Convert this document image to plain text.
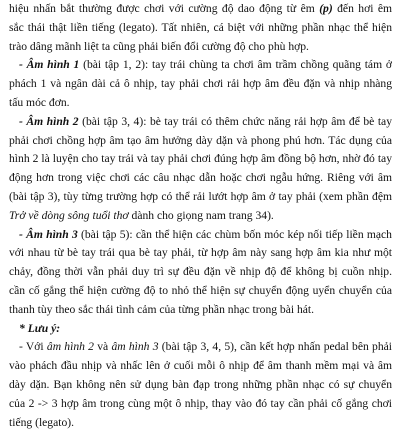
hiệu nhấn bắt thường được chơi với cường độ dao động từ êm (p) đến hơi êm
sắc thái thật liền tiếng (legato). Tất nhiên, cá biệt với những phần nhạc thể hiện
trào dâng mãnh liệt ta cũng phải biến đổi cường độ cho phù hợp.

- Âm hình 1 (bài tập 1, 2): tay trái chùng ta chơi âm trầm chồng quãng tám ở
phách 1 và ngân dài cả ô nhịp, tay phải chơi rải hợp âm đều đặn và nhịp nhàng
tấu móc đơn.

- Âm hình 2 (bài tập 3, 4): bè tay trái có thêm chức năng rải hợp âm để bè tay
phải chơi chồng hợp âm tạo âm hưởng dày dặn và phong phú hơn. Tác dụng của
hình 2 là luyện cho tay trái và tay phải chơi đúng hợp âm đồng bộ hơn, nhờ đó tay
động hơn trong việc chơi các câu nhạc dẫn hoặc chơi ngẫu hứng. Riêng với âm
(bài tập 3), tùy từng trường hợp có thể rải lướt hợp âm ở tay phải (xem phần đệm
Trở về dòng sông tuổi thơ dành cho giọng nam trang 34).

- Âm hình 3 (bài tập 5): cần thể hiện các chùm bốn móc kép nối tiếp liền mạch
với nhau từ bè tay trái qua bè tay phải, từ hợp âm này sang hợp âm kia như một
chảy, đồng thời vẫn phải duy trì sự đều đặn về nhịp độ để không bị cuồn nhịp.
cần cố gắng thể hiện cường độ to nhỏ thể hiện sự chuyển động uyển chuyển của
thanh tùy theo sắc thái tình cảm của từng phần nhạc trong bài hát.

* Lưu ý:

- Với âm hình 2 và âm hình 3 (bài tập 3, 4, 5), cần kết hợp nhấn pedal bên phải
vào phách đầu nhịp và nhấc lên ở cuối mỗi ô nhịp để âm thanh mềm mại và âm
dày dặn. Bạn không nên sử dụng bàn đạp trong những phần nhạc có sự chuyển
của 2 -> 3 hợp âm trong cùng một ô nhịp, thay vào đó tay cần phải cố gắng chơi
tiếng (legato).
